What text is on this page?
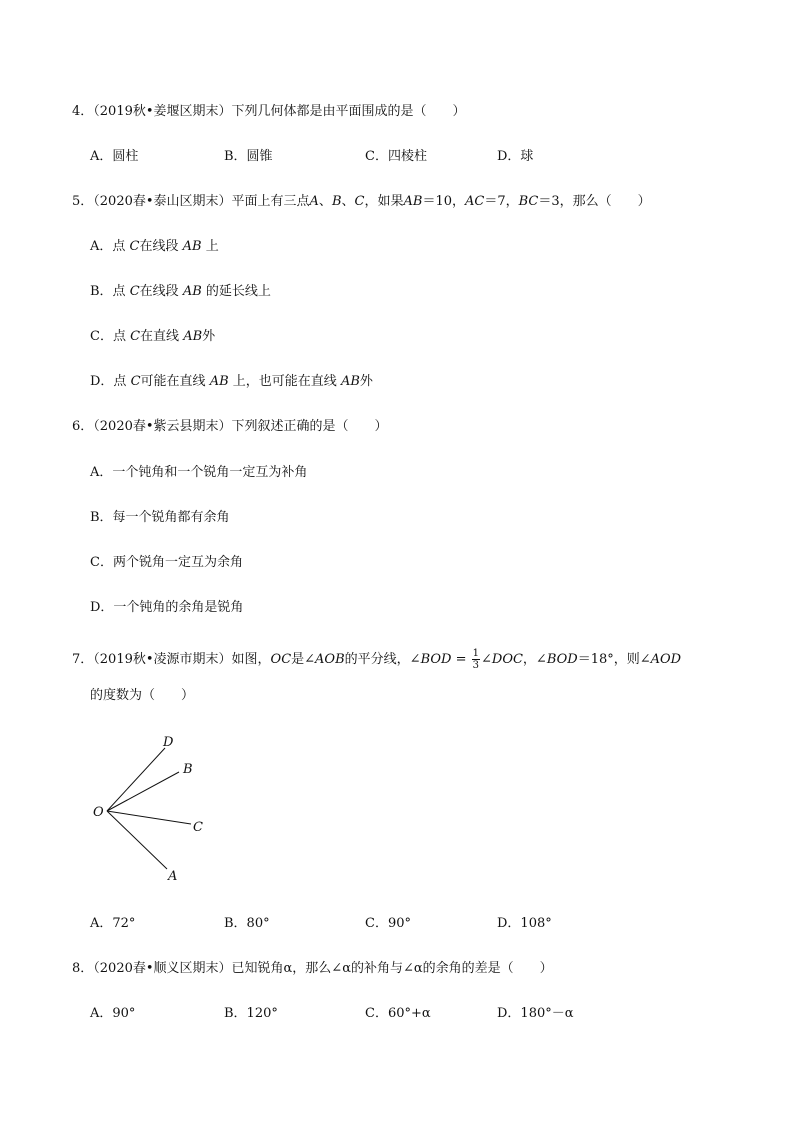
4．（2019秋•姜堰区期末）下列几何体都是由平面围成的是（　　）
A．圆柱	B．圆锥	C．四棱柱	D．球
5．（2020春•泰山区期末）平面上有三点A、B、C，如果AB＝10，AC＝7，BC＝3，那么（　　）
A．点 C在线段 AB 上
B．点 C在线段 AB 的延长线上
C．点 C在直线 AB外
D．点 C可能在直线 AB 上，也可能在直线 AB外
6．（2020春•紫云县期末）下列叙述正确的是（　　）
A．一个钝角和一个锐角一定互为补角
B．每一个锐角都有余角
C．两个锐角一定互为余角
D．一个钝角的余角是锐角
7．（2019秋•凌源市期末）如图，OC是∠AOB的平分线，∠BOD = $\frac{1}{3}$ ∠DOC，∠BOD＝18°，则∠AOD
的度数为（　　）
O
D
B
C
A
A．72°	B．80°	C．90°	D．108°
8．（2020春•顺义区期末）已知锐角α，那么∠α的补角与∠α的余角的差是（　　）
A．90°	B．120°	C．60°+α	D．180°－α
